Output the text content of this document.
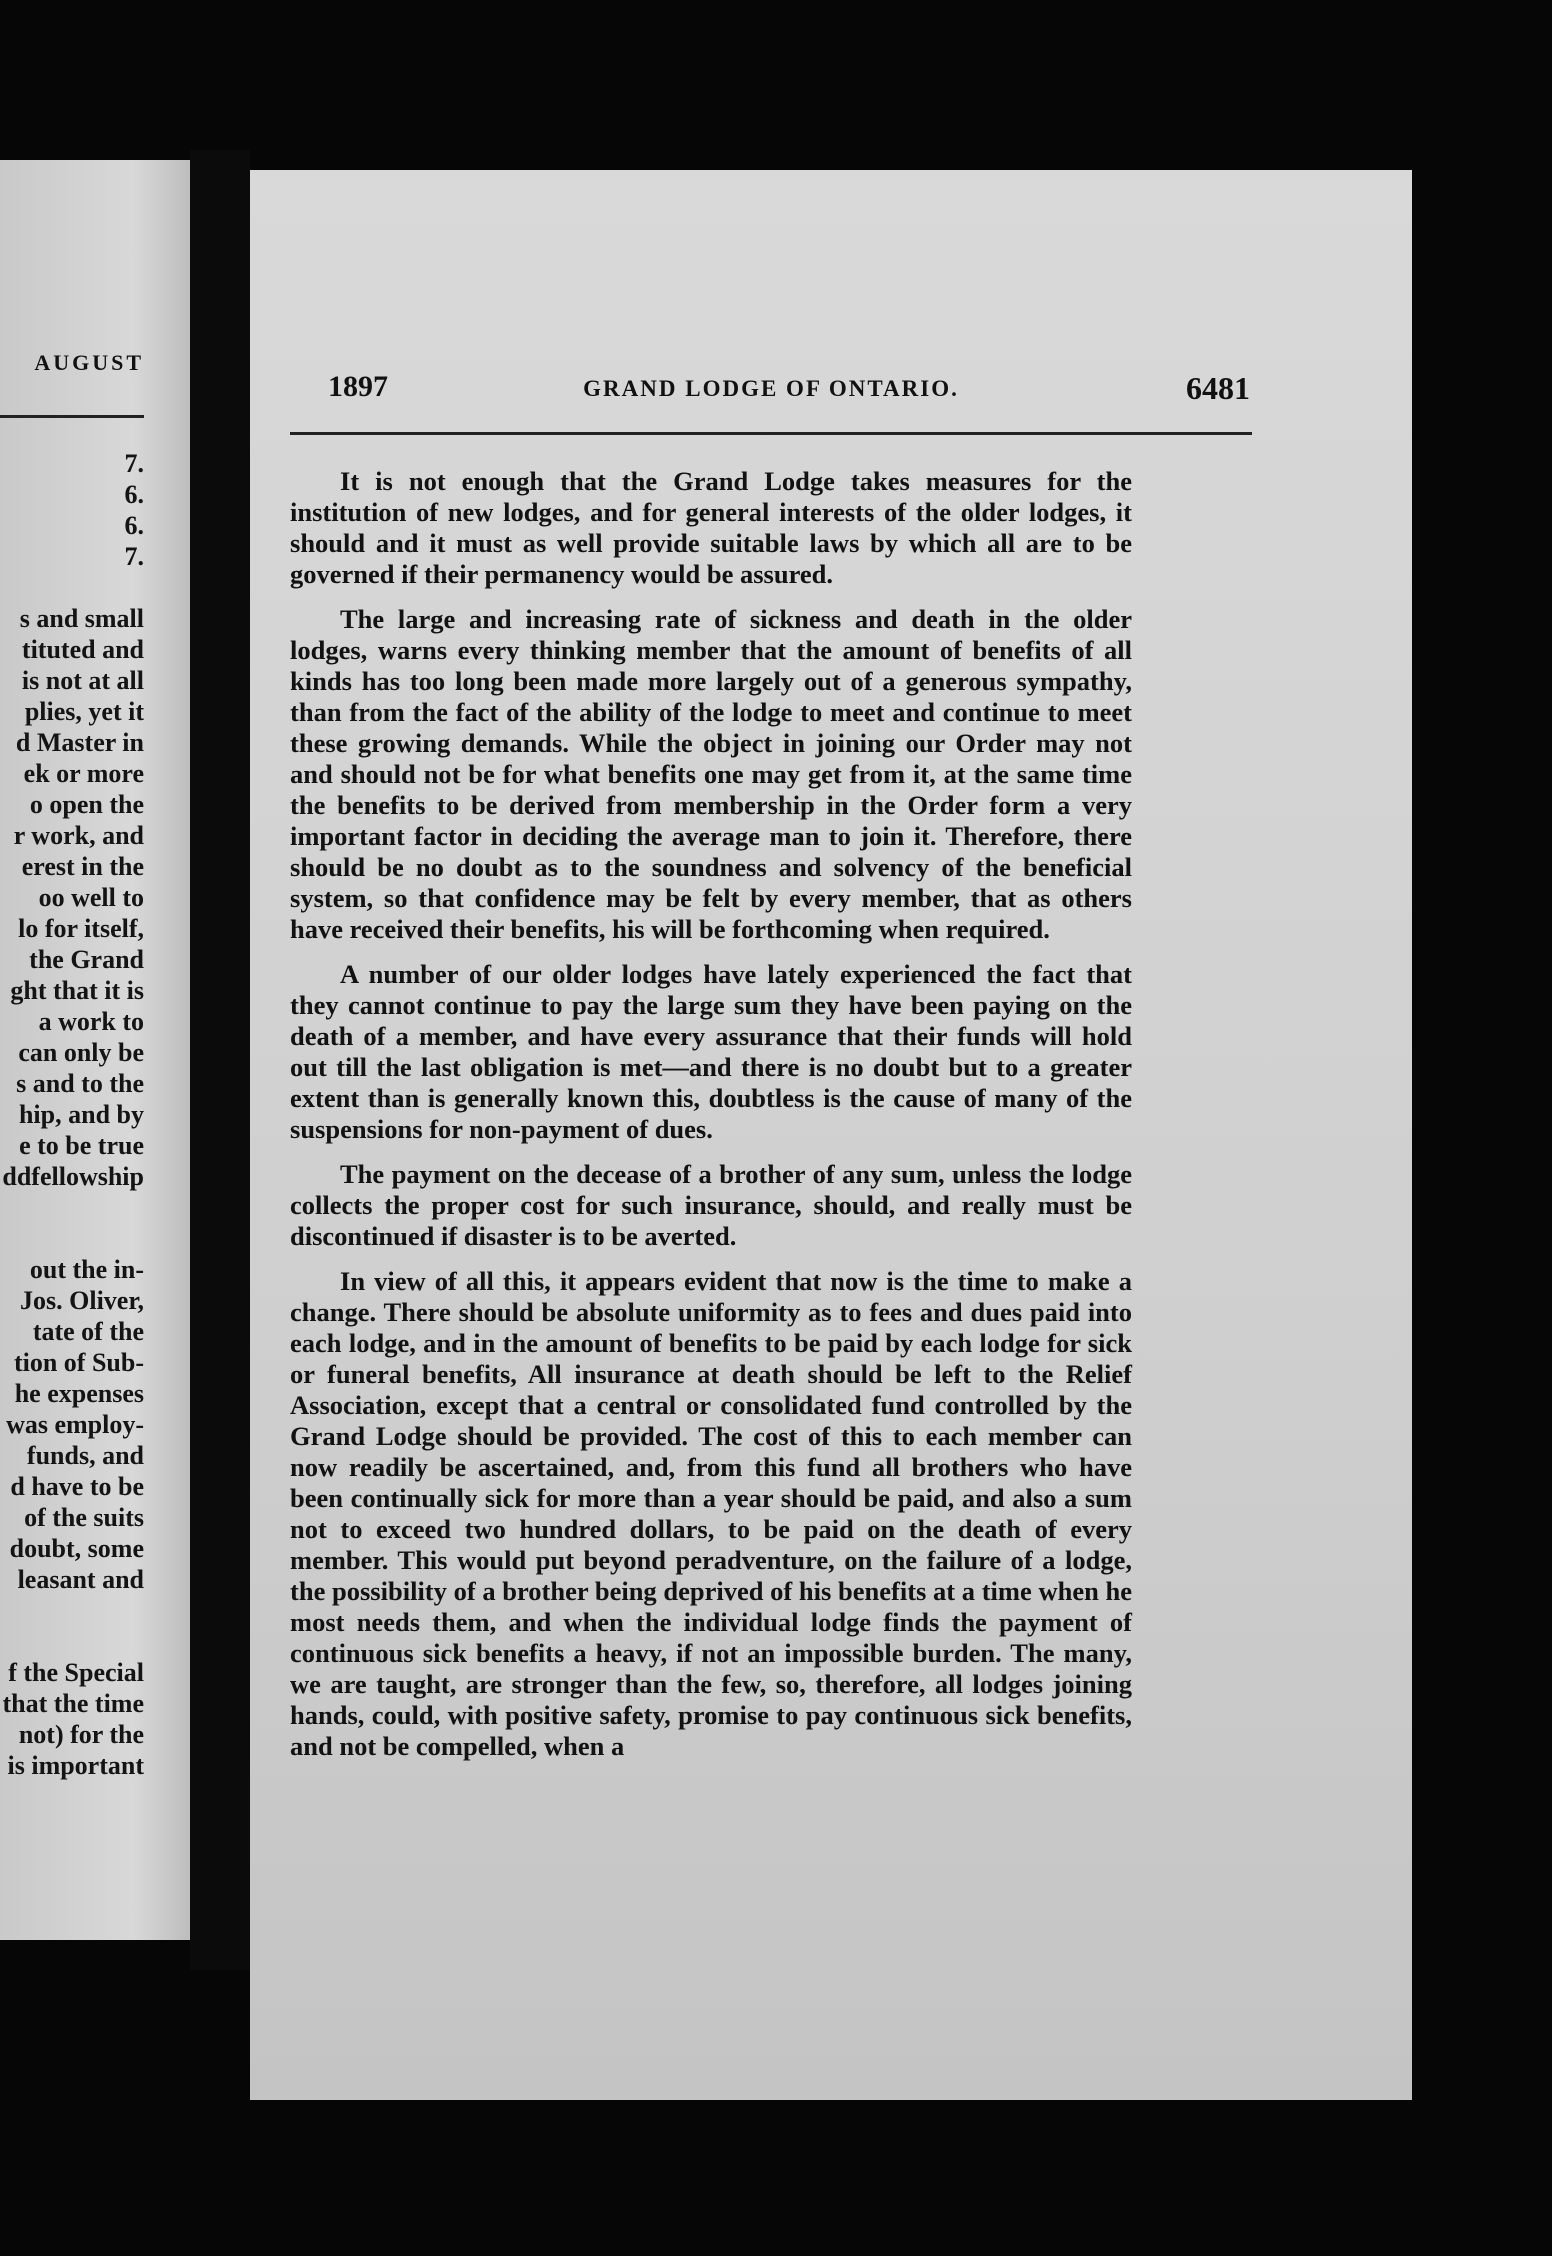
AUGUST
7.
6.
6.
7.
s and small
tituted and
is not at all
plies, yet it
d Master in
ek or more
o open the
r work, and
erest in the
oo well to
lo for itself,
the Grand
ght that it is
a work to
can only be
s and to the
hip, and by
e to be true
ddfellowship
out the in-
Jos. Oliver,
tate of the
tion of Sub-
he expenses
was employ-
funds, and
d have to be
of the suits
doubt, some
leasant and
f the Special
that the time
not) for the
is important
1897	GRAND LODGE OF ONTARIO.	6481

It is not enough that the Grand Lodge takes measures for the institution of new lodges, and for general interests of the older lodges, it should and it must as well provide suitable laws by which all are to be governed if their permanency would be assured.

The large and increasing rate of sickness and death in the older lodges, warns every thinking member that the amount of benefits of all kinds has too long been made more largely out of a generous sympathy, than from the fact of the ability of the lodge to meet and continue to meet these growing demands. While the object in joining our Order may not and should not be for what benefits one may get from it, at the same time the benefits to be derived from membership in the Order form a very important factor in deciding the average man to join it. Therefore, there should be no doubt as to the soundness and solvency of the beneficial system, so that confidence may be felt by every member, that as others have received their benefits, his will be forthcoming when required.

A number of our older lodges have lately experienced the fact that they cannot continue to pay the large sum they have been paying on the death of a member, and have every assurance that their funds will hold out till the last obligation is met—and there is no doubt but to a greater extent than is generally known this, doubtless is the cause of many of the suspensions for non-payment of dues.

The payment on the decease of a brother of any sum, unless the lodge collects the proper cost for such insurance, should, and really must be discontinued if disaster is to be averted.

In view of all this, it appears evident that now is the time to make a change. There should be absolute uniformity as to fees and dues paid into each lodge, and in the amount of benefits to be paid by each lodge for sick or funeral benefits, All insurance at death should be left to the Relief Association, except that a central or consolidated fund controlled by the Grand Lodge should be provided. The cost of this to each member can now readily be ascertained, and, from this fund all brothers who have been continually sick for more than a year should be paid, and also a sum not to exceed two hundred dollars, to be paid on the death of every member. This would put beyond peradventure, on the failure of a lodge, the possibility of a brother being deprived of his benefits at a time when he most needs them, and when the individual lodge finds the payment of continuous sick benefits a heavy, if not an impossible burden. The many, we are taught, are stronger than the few, so, therefore, all lodges joining hands, could, with positive safety, promise to pay continuous sick benefits, and not be compelled, when a
